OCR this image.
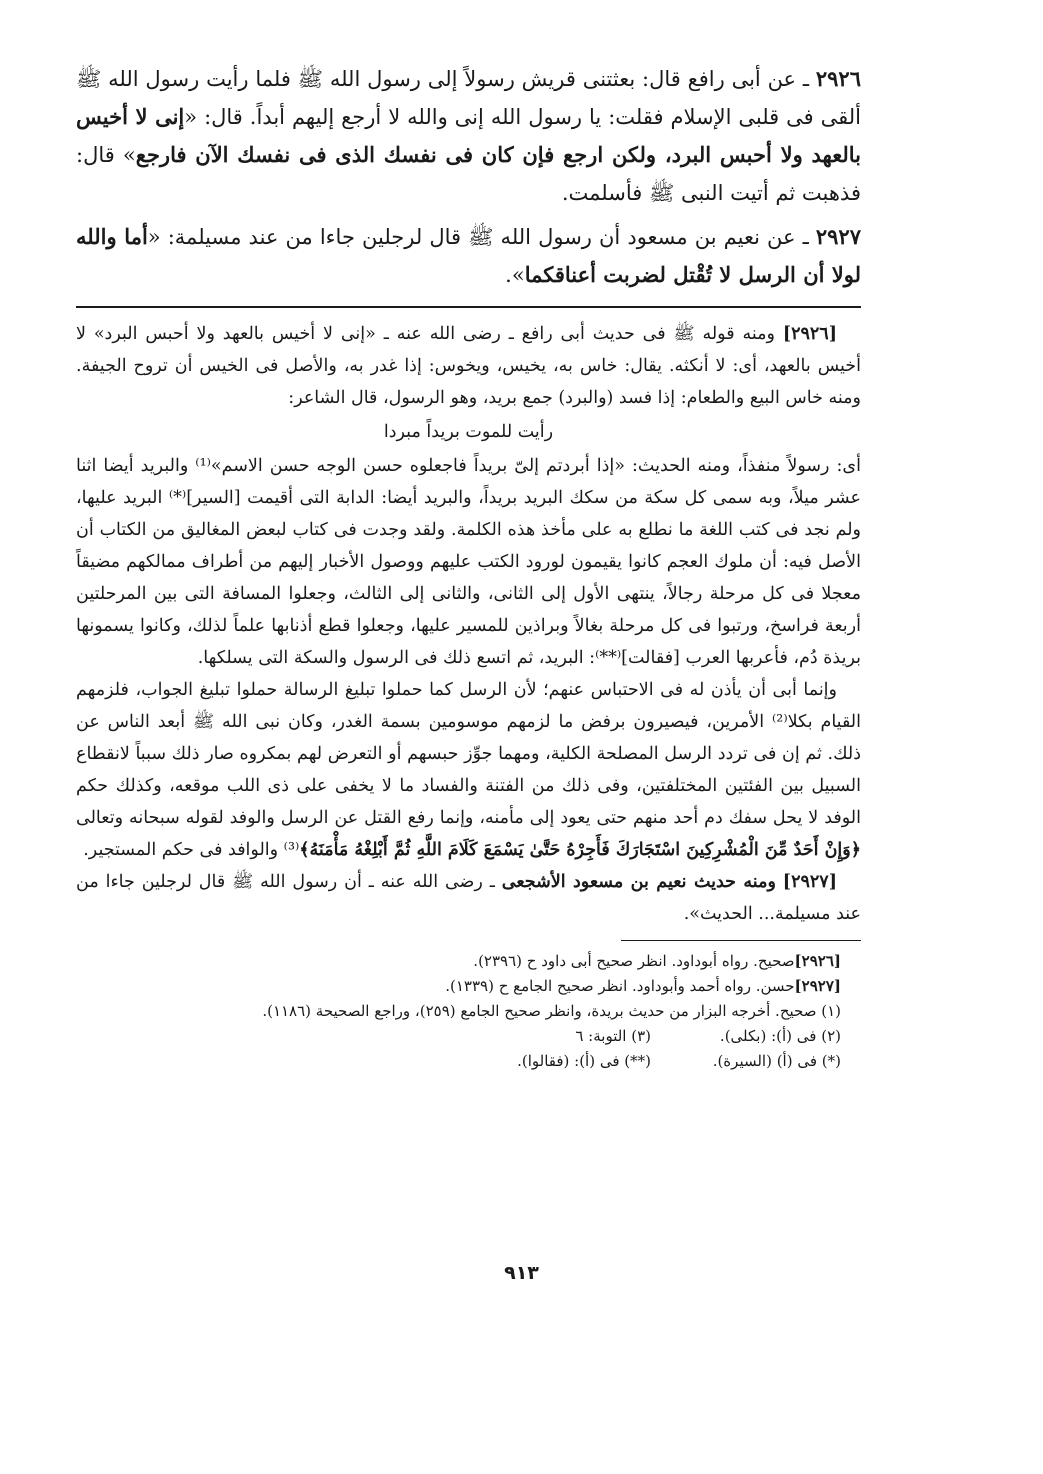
٢٩٢٦ ـ عن أبى رافع قال: بعثتنى قريش رسولاً إلى رسول الله ﷺ فلما رأيت رسول الله ﷺ ألقى فى قلبى الإسلام فقلت: يا رسول الله إنى والله لا أرجع إليهم أبداً. قال: «إنى لا أخيس بالعهد ولا أحبس البرد، ولكن ارجع فإن كان فى نفسك الذى فى نفسك الآن فارجع» قال: فذهبت ثم أتيت النبى ﷺ فأسلمت.

٢٩٢٧ ـ عن نعيم بن مسعود أن رسول الله ﷺ قال لرجلين جاءا من عند مسيلمة: «أما والله لولا أن الرسل لا تُقْتل لضربت أعناقكما».

[٢٩٢٦] ومنه قوله ﷺ فى حديث أبى رافع ـ رضى الله عنه ـ «إنى لا أخيس بالعهد ولا أحبس البرد» لا أخيس بالعهد، أى: لا أنكثه. يقال: خاس به، يخيس، ويخوس: إذا غدر به، والأصل فى الخيس أن تروح الجيفة. ومنه خاس البيع والطعام: إذا فسد (والبرد) جمع بريد، وهو الرسول، قال الشاعر:

رأيت للموت بريداً مبردا

أى: رسولاً منفذاً، ومنه الحديث: «إذا أبردتم إلىّ بريداً فاجعلوه حسن الوجه حسن الاسم»⁽¹⁾ والبريد أيضا اثنا عشر ميلاً، وبه سمى كل سكة من سكك البريد بريداً، والبريد أيضا: الدابة التى أقيمت [السير]⁽*⁾ البريد عليها، ولم نجد فى كتب اللغة ما نطلع به على مأخذ هذه الكلمة. ولقد وجدت فى كتاب لبعض المغاليق من الكتاب أن الأصل فيه: أن ملوك العجم كانوا يقيمون لورود الكتب عليهم ووصول الأخبار إليهم من أطراف ممالكهم مضيقاً معجلا فى كل مرحلة رجالاً، ينتهى الأول إلى الثانى، والثانى إلى الثالث، وجعلوا المسافة التى بين المرحلتين أربعة فراسخ، ورتبوا فى كل مرحلة بغالاً وبراذين للمسير عليها، وجعلوا قطع أذنابها علماً لذلك، وكانوا يسمونها بريذة دُم، فأعربها العرب [فقالت]⁽**⁾: البريد، ثم اتسع ذلك فى الرسول والسكة التى يسلكها.

وإنما أبى أن يأذن له فى الاحتباس عنهم؛ لأن الرسل كما حملوا تبليغ الرسالة حملوا تبليغ الجواب، فلزمهم القيام بكلا⁽²⁾ الأمرين، فيصيرون برفض ما لزمهم موسومين بسمة الغدر، وكان نبى الله ﷺ أبعد الناس عن ذلك. ثم إن فى تردد الرسل المصلحة الكلية، ومهما جوِّز حبسهم أو التعرض لهم بمكروه صار ذلك سبباً لانقطاع السبيل بين الفئتين المختلفتين، وفى ذلك من الفتنة والفساد ما لا يخفى على ذى اللب موقعه، وكذلك حكم الوفد لا يحل سفك دم أحد منهم حتى يعود إلى مأمنه، وإنما رفع القتل عن الرسل والوفد لقوله سبحانه وتعالى ﴿وَإِنْ أَحَدٌ مِّنَ الْمُشْرِكِينَ اسْتَجَارَكَ فَأَجِرْهُ حَتَّىٰ يَسْمَعَ كَلَامَ اللَّهِ ثُمَّ أَبْلِغْهُ مَأْمَنَهُ﴾⁽³⁾ والوافد فى حكم المستجير.

[٢٩٢٧] ومنه حديث نعيم بن مسعود الأشجعى ـ رضى الله عنه ـ أن رسول الله ﷺ قال لرجلين جاءا من عند مسيلمة... الحديث».

[٢٩٢٦]صحيح. رواه أبوداود. انظر صحيح أبى داود ح (٢٣٩٦).

[٢٩٢٧]حسن. رواه أحمد وأبوداود. انظر صحيح الجامع ح (١٣٣٩).

(١) صحيح. أخرجه البزار من حديث بريدة، وانظر صحيح الجامع (٢٥٩)، وراجع الصحيحة (١١٨٦).

(٢) فى (أ): (بكلى).
(٣) التوبة: ٦
(*) فى (أ) (السيرة).
(**) فى (أ): (فقالوا).
٩١٣
